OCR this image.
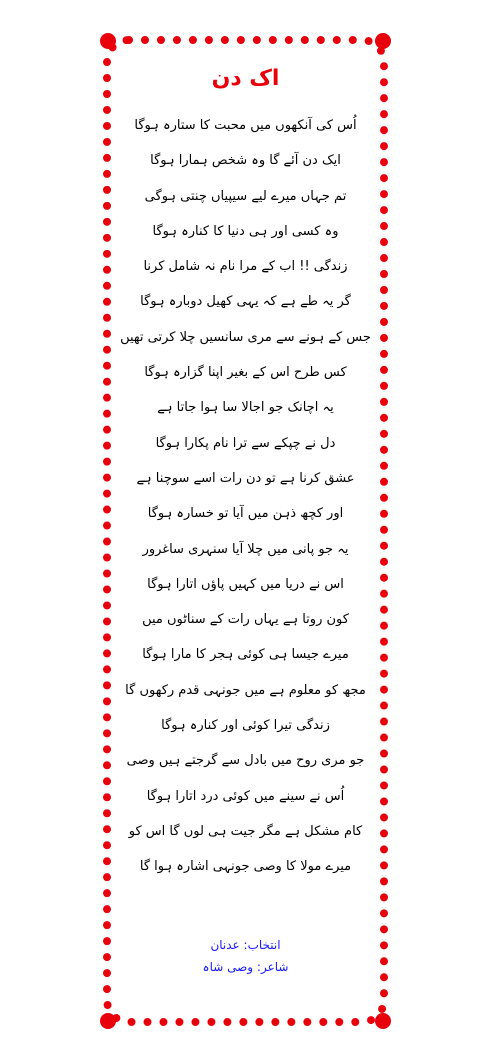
اک دن
اُس کی آنکھوں میں محبت کا ستارہ ہوگا
ایک دن آئے گا وہ شخص ہمارا ہوگا
تم جہاں میرے لیے سیپیاں چنتی ہوگی
وہ کسی اور ہی دنیا کا کنارہ ہوگا
زندگی !! اب کے مرا نام نہ شامل کرنا
گر یہ طے ہے کہ یہی کھیل دوبارہ ہوگا
جس کے ہونے سے مری سانسیں چلا کرتی تھیں
کس طرح اس کے بغیر اپنا گزارہ ہوگا
یہ اچانک جو اجالا سا ہوا جاتا ہے
دل نے چپکے سے ترا نام پکارا ہوگا
عشق کرنا ہے تو دن رات اسے سوچنا ہے
اور کچھ ذہن میں آیا تو خسارہ ہوگا
یہ جو پانی میں چلا آیا سنہری ساغرور
اس نے دریا میں کہیں پاؤں اتارا ہوگا
کون روتا ہے یہاں رات کے سناٹوں میں
میرے جیسا ہی کوئی ہجر کا مارا ہوگا
مجھ کو معلوم ہے میں جونہی قدم رکھوں گا
زندگی تیرا کوئی اور کنارہ ہوگا
جو مری روح میں بادل سے گرجتے ہیں وصی
اُس نے سینے میں کوئی درد اتارا ہوگا
کام مشکل ہے مگر جیت ہی لوں گا اس کو
میرے مولا کا وصی جونہی اشارہ ہوا گا
انتخاب: عدنان
شاعر: وصی شاہ
